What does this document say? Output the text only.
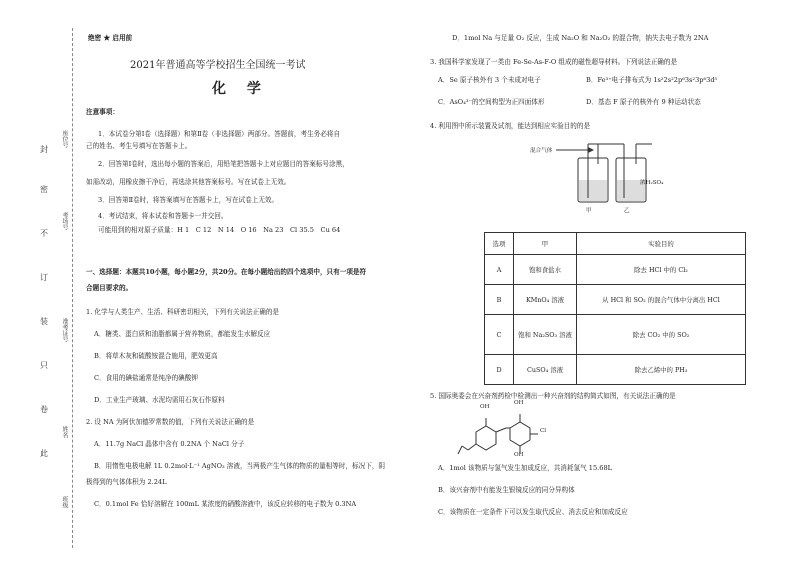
封
密
不
订
装
只
卷
此
座位号
考场号
准考证号
姓名
班级
绝密 ★ 启用前
2021年普通高等学校招生全国统一考试
化 学
注意事项：
1．本试卷分第Ⅰ卷（选择题）和第Ⅱ卷（非选择题）两部分。答题前，考生务必将自
己的姓名、考生号填写在答题卡上。
2．回答第Ⅰ卷时，选出每小题的答案后，用铅笔把答题卡上对应题目的答案标号涂黑，
如需改动，用橡皮擦干净后，再选涂其他答案标号。写在试卷上无效。
3．回答第Ⅱ卷时，将答案填写在答题卡上，写在试卷上无效。
4．考试结束，将本试卷和答题卡一并交回。
可能用到的相对原子质量：H 1　C 12　N 14　O 16　Na 23　Cl 35.5　Cu 64
一、选择题：本题共10小题，每小题2分，共20分。在每小题给出的四个选项中，只有一项是符
合题目要求的。
1. 化学与人类生产、生活、科研密切相关，下列有关说法正确的是
A．糖类、蛋白质和油脂都属于营养物质，都能发生水解反应
B．将草木灰和硫酸铵混合施用，肥效更高
C．食用的碘盐通常是纯净的碘酸钾
D．工业生产玻璃、水泥均需用石灰石作原料
2. 设 NA 为阿伏加德罗常数的值，下列有关说法正确的是
A．11.7g NaCl 晶体中含有 0.2NA 个 NaCl 分子
B．用惰性电极电解 1L 0.2mol·L⁻¹ AgNO₃ 溶液，当两极产生气体的物质的量相等时，标况下，阴
极得到的气体体积为 2.24L
C．0.1mol Fe 恰好溶解在 100mL 某浓度的硝酸溶液中，该反应转移的电子数为 0.3NA
D．1mol Na 与足量 O₂ 反应，生成 Na₂O 和 Na₂O₂ 的混合物，钠失去电子数为 2NA
3. 我国科学家发现了一类由 Fe-Se-As-F-O 组成的磁性超导材料。下列说法正确的是
A．Se 原子核外有 3 个未成对电子	B．Fe³⁺电子排布式为 1s²2s²2p⁶3s²3p⁶3d⁵
C．AsO₄³⁻的空间构型为正四面体形	D．基态 F 原子的核外有 9 种运动状态
4. 利用图中所示装置及试剂，能达到相应实验目的的是
混合气体
浓H₂SO₄
甲	乙
选项	甲	实验目的
A	饱和食盐水	除去 HCl 中的 Cl₂
B	KMnO₄ 溶液	从 HCl 和 SO₂ 的混合气体中分离出 HCl
C	饱和 Na₂SO₃ 溶液	除去 CO₂ 中的 SO₂
D	CuSO₄ 溶液	除去乙烯中的 PH₃
5. 国际奥委会在兴奋剂药检中检测出一种兴奋剂的结构简式如图，有关说法正确的是
OH
OH
OH
Cl
A．1mol 该物质与氢气发生加成反应，共消耗氢气 15.68L
B．该兴奋剂中有能发生银镜反应的同分异构体
C．该物质在一定条件下可以发生取代反应、消去反应和加成反应
